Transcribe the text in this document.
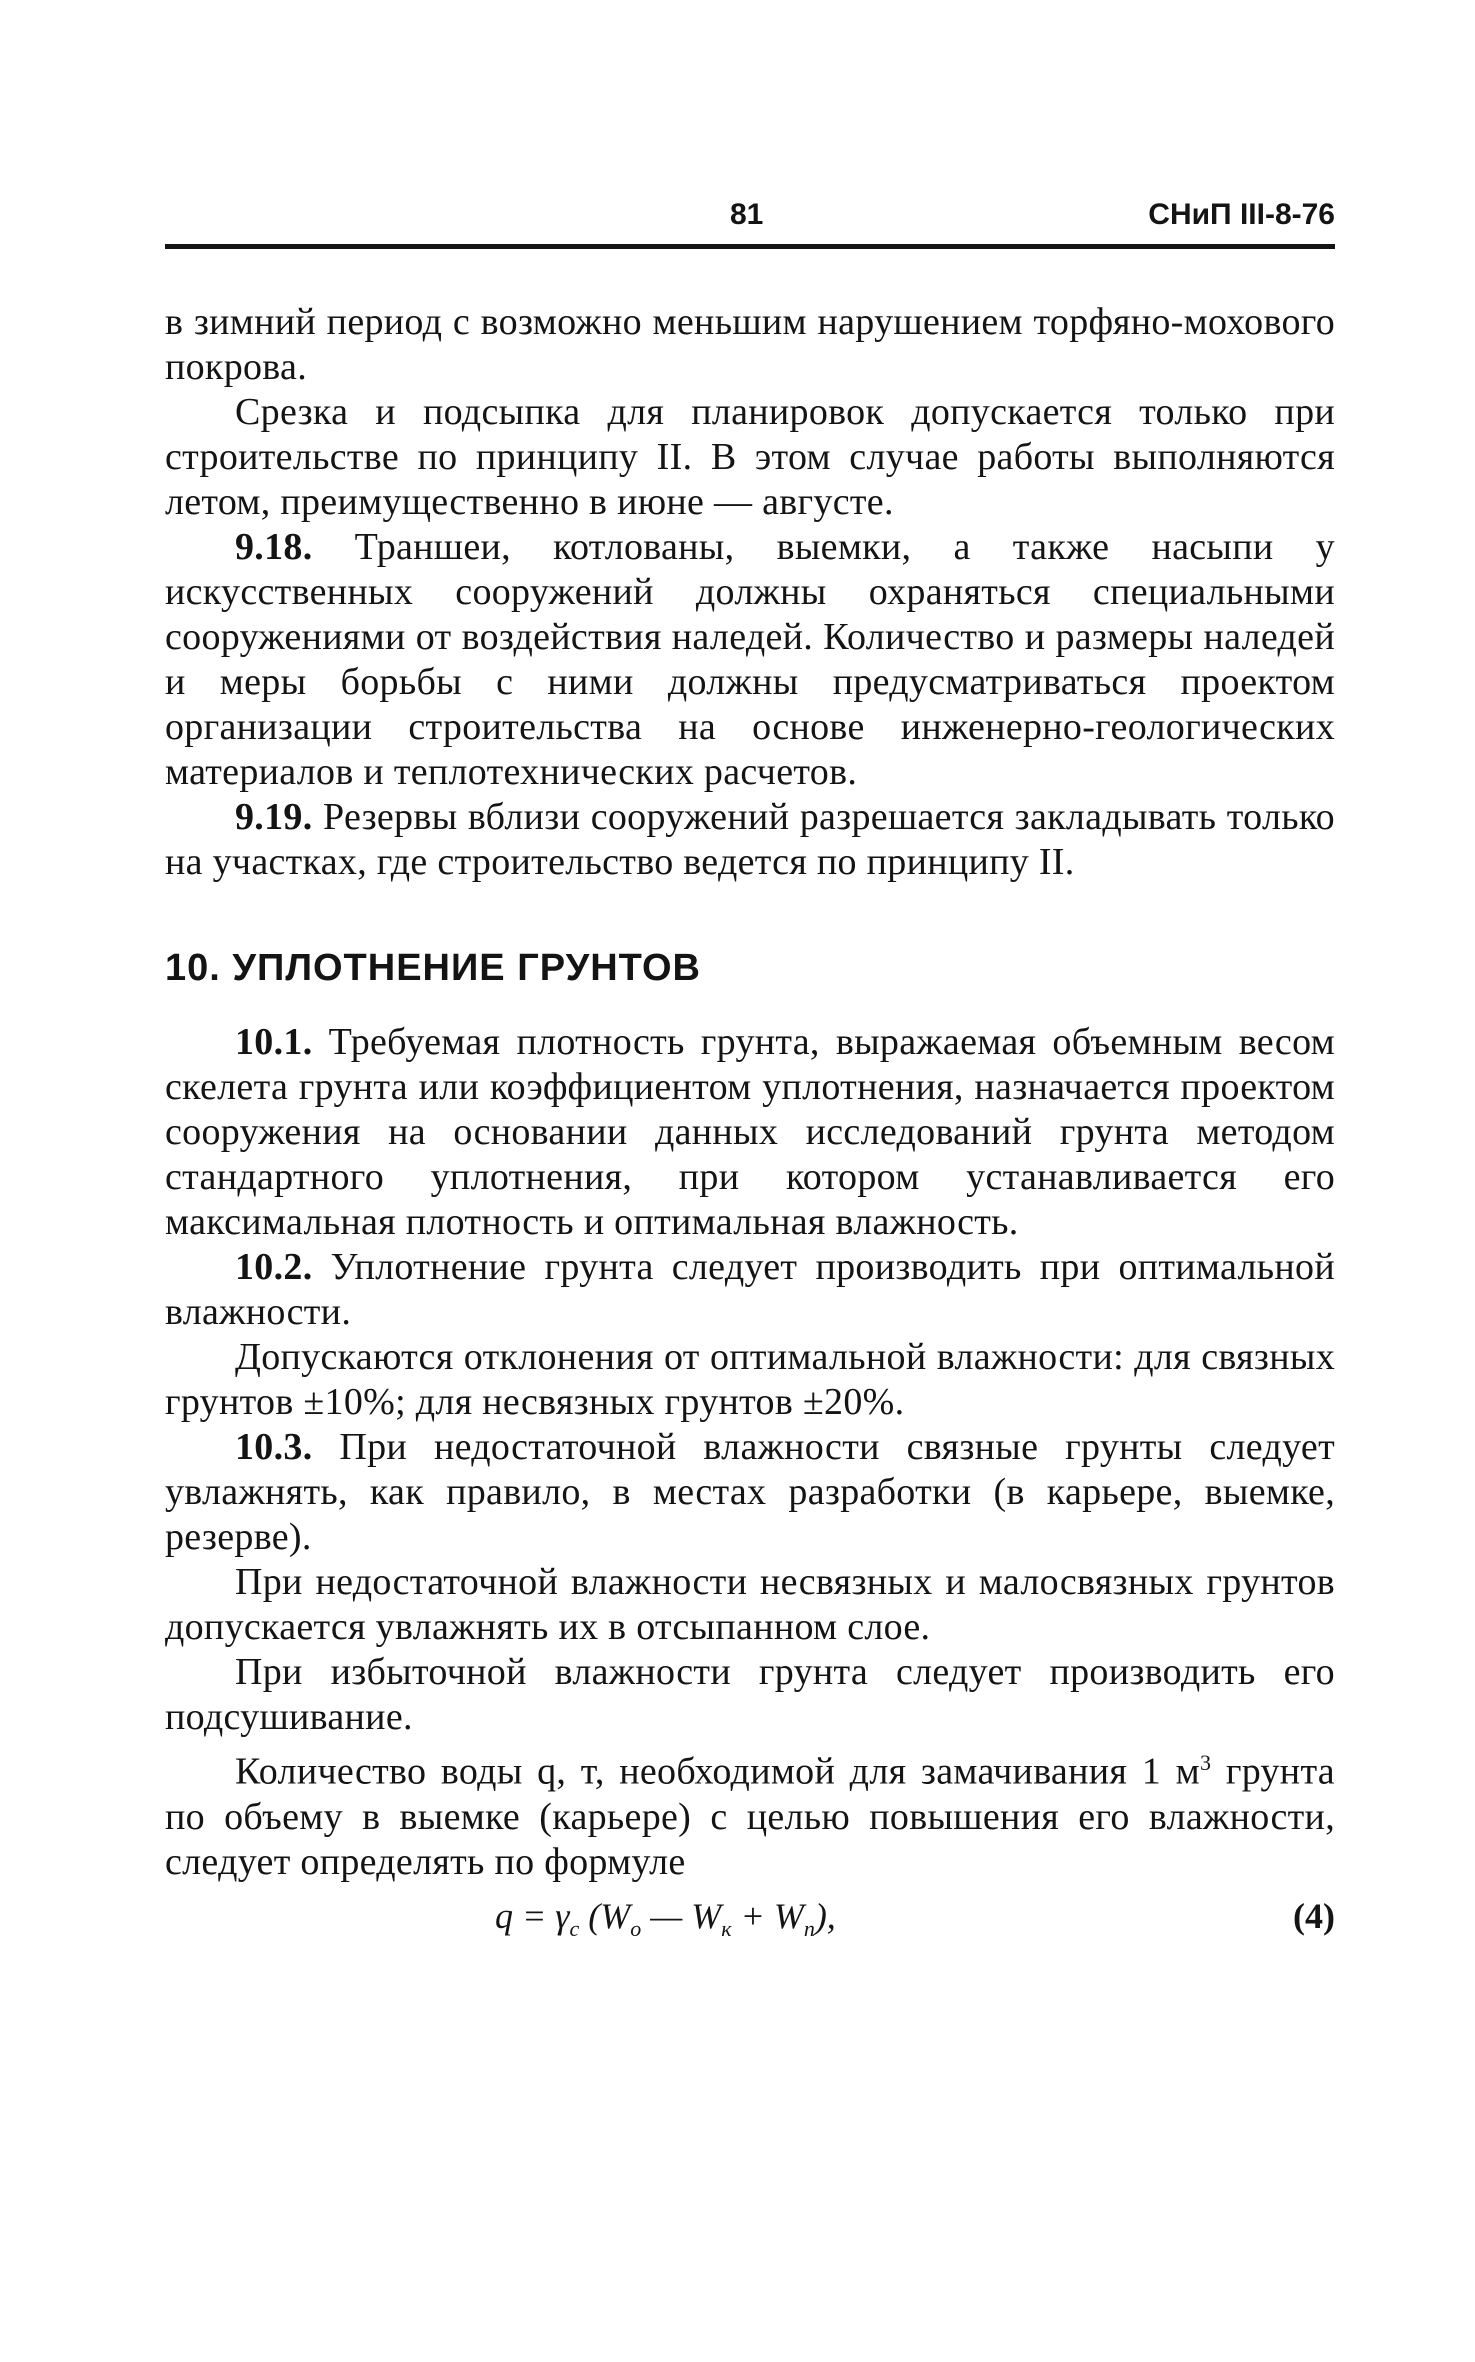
81	СНиП III-8-76

в зимний период с возможно меньшим нарушением торфяно-мохового покрова.

Срезка и подсыпка для планировок допускается только при строительстве по принципу II. В этом случае работы выполняются летом, преимущественно в июне — августе.

9.18. Траншеи, котлованы, выемки, а также насыпи у искусственных сооружений должны охраняться специальными сооружениями от воздействия наледей. Количество и размеры наледей и меры борьбы с ними должны предусматриваться проектом организации строительства на основе инженерно-геологических материалов и теплотехнических расчетов.

9.19. Резервы вблизи сооружений разрешается закладывать только на участках, где строительство ведется по принципу II.

10. УПЛОТНЕНИЕ ГРУНТОВ

10.1. Требуемая плотность грунта, выражаемая объемным весом скелета грунта или коэффициентом уплотнения, назначается проектом сооружения на основании данных исследований грунта методом стандартного уплотнения, при котором устанавливается его максимальная плотность и оптимальная влажность.

10.2. Уплотнение грунта следует производить при оптимальной влажности.

Допускаются отклонения от оптимальной влажности: для связных грунтов ±10%; для несвязных грунтов ±20%.

10.3. При недостаточной влажности связные грунты следует увлажнять, как правило, в местах разработки (в карьере, выемке, резерве).

При недостаточной влажности несвязных и малосвязных грунтов допускается увлажнять их в отсыпанном слое.

При избыточной влажности грунта следует производить его подсушивание.

Количество воды q, т, необходимой для замачивания 1 $м^3$ грунта по объему в выемке (карьере) с целью повышения его влажности, следует определять по формуле

$q = \gamma_c$ ($W_o$ — $W_к + W_п$),	(4)
